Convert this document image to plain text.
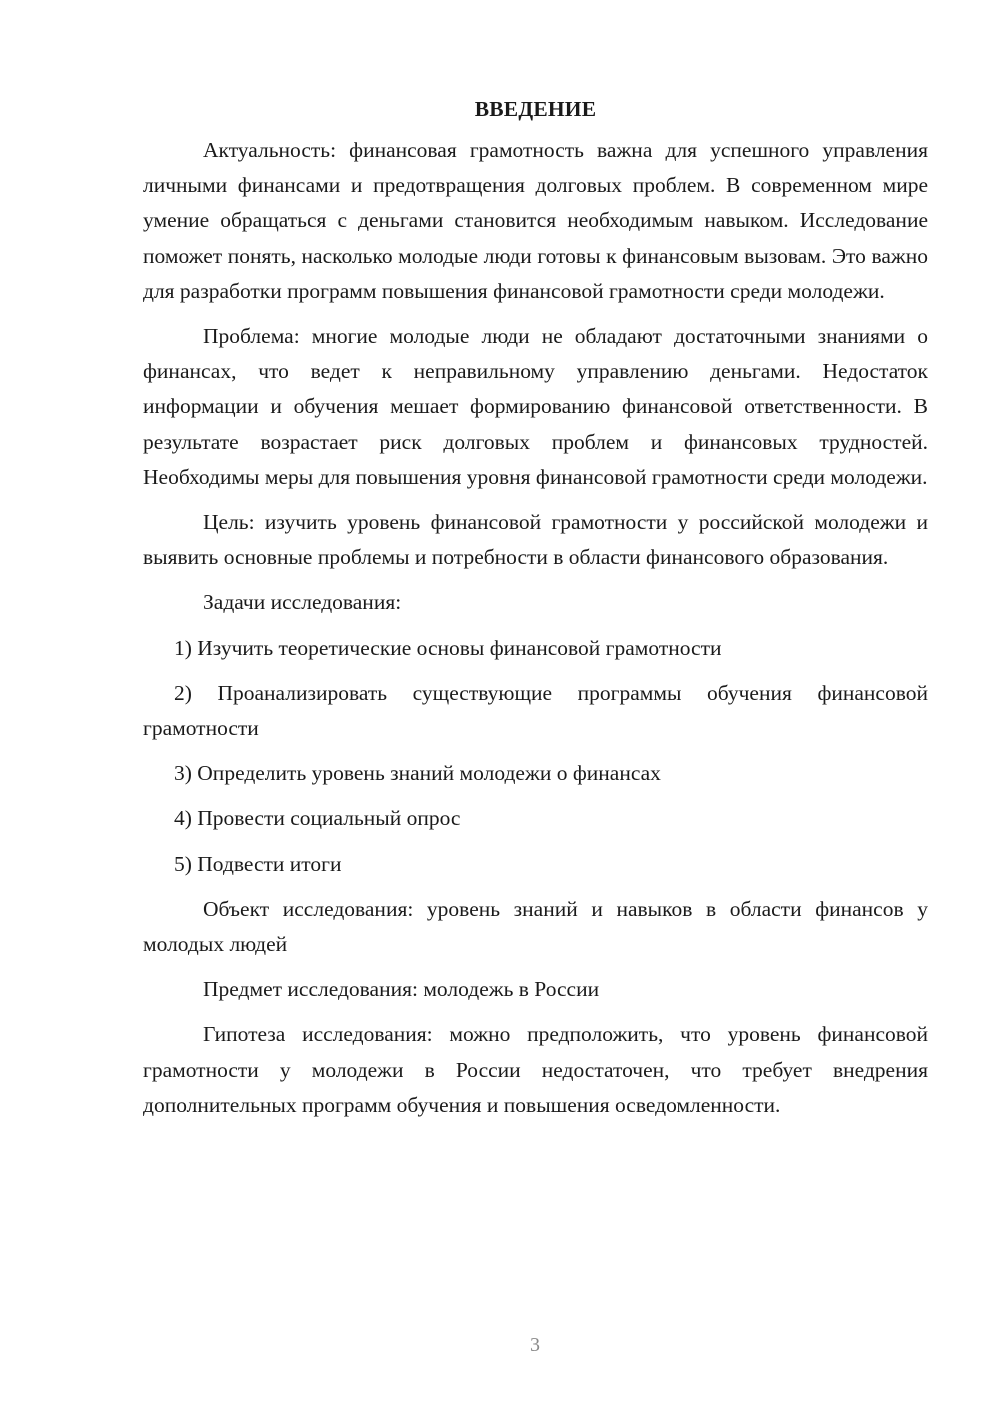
ВВЕДЕНИЕ

Актуальность: финансовая грамотность важна для успешного управления личными финансами и предотвращения долговых проблем. В современном мире умение обращаться с деньгами становится необходимым навыком. Исследование поможет понять, насколько молодые люди готовы к финансовым вызовам. Это важно для разработки программ повышения финансовой грамотности среди молодежи.

Проблема: многие молодые люди не обладают достаточными знаниями о финансах, что ведет к неправильному управлению деньгами. Недостаток информации и обучения мешает формированию финансовой ответственности. В результате возрастает риск долговых проблем и финансовых трудностей. Необходимы меры для повышения уровня финансовой грамотности среди молодежи.

Цель: изучить уровень финансовой грамотности у российской молодежи и выявить основные проблемы и потребности в области финансового образования.

Задачи исследования:

1) Изучить теоретические основы финансовой грамотности

2) Проанализировать существующие программы обучения финансовой грамотности

3) Определить уровень знаний молодежи о финансах

4) Провести социальный опрос

5) Подвести итоги

Объект исследования: уровень знаний и навыков в области финансов у молодых людей

Предмет исследования: молодежь в России

Гипотеза исследования: можно предположить, что уровень финансовой грамотности у молодежи в России недостаточен, что требует внедрения дополнительных программ обучения и повышения осведомленности.

3
